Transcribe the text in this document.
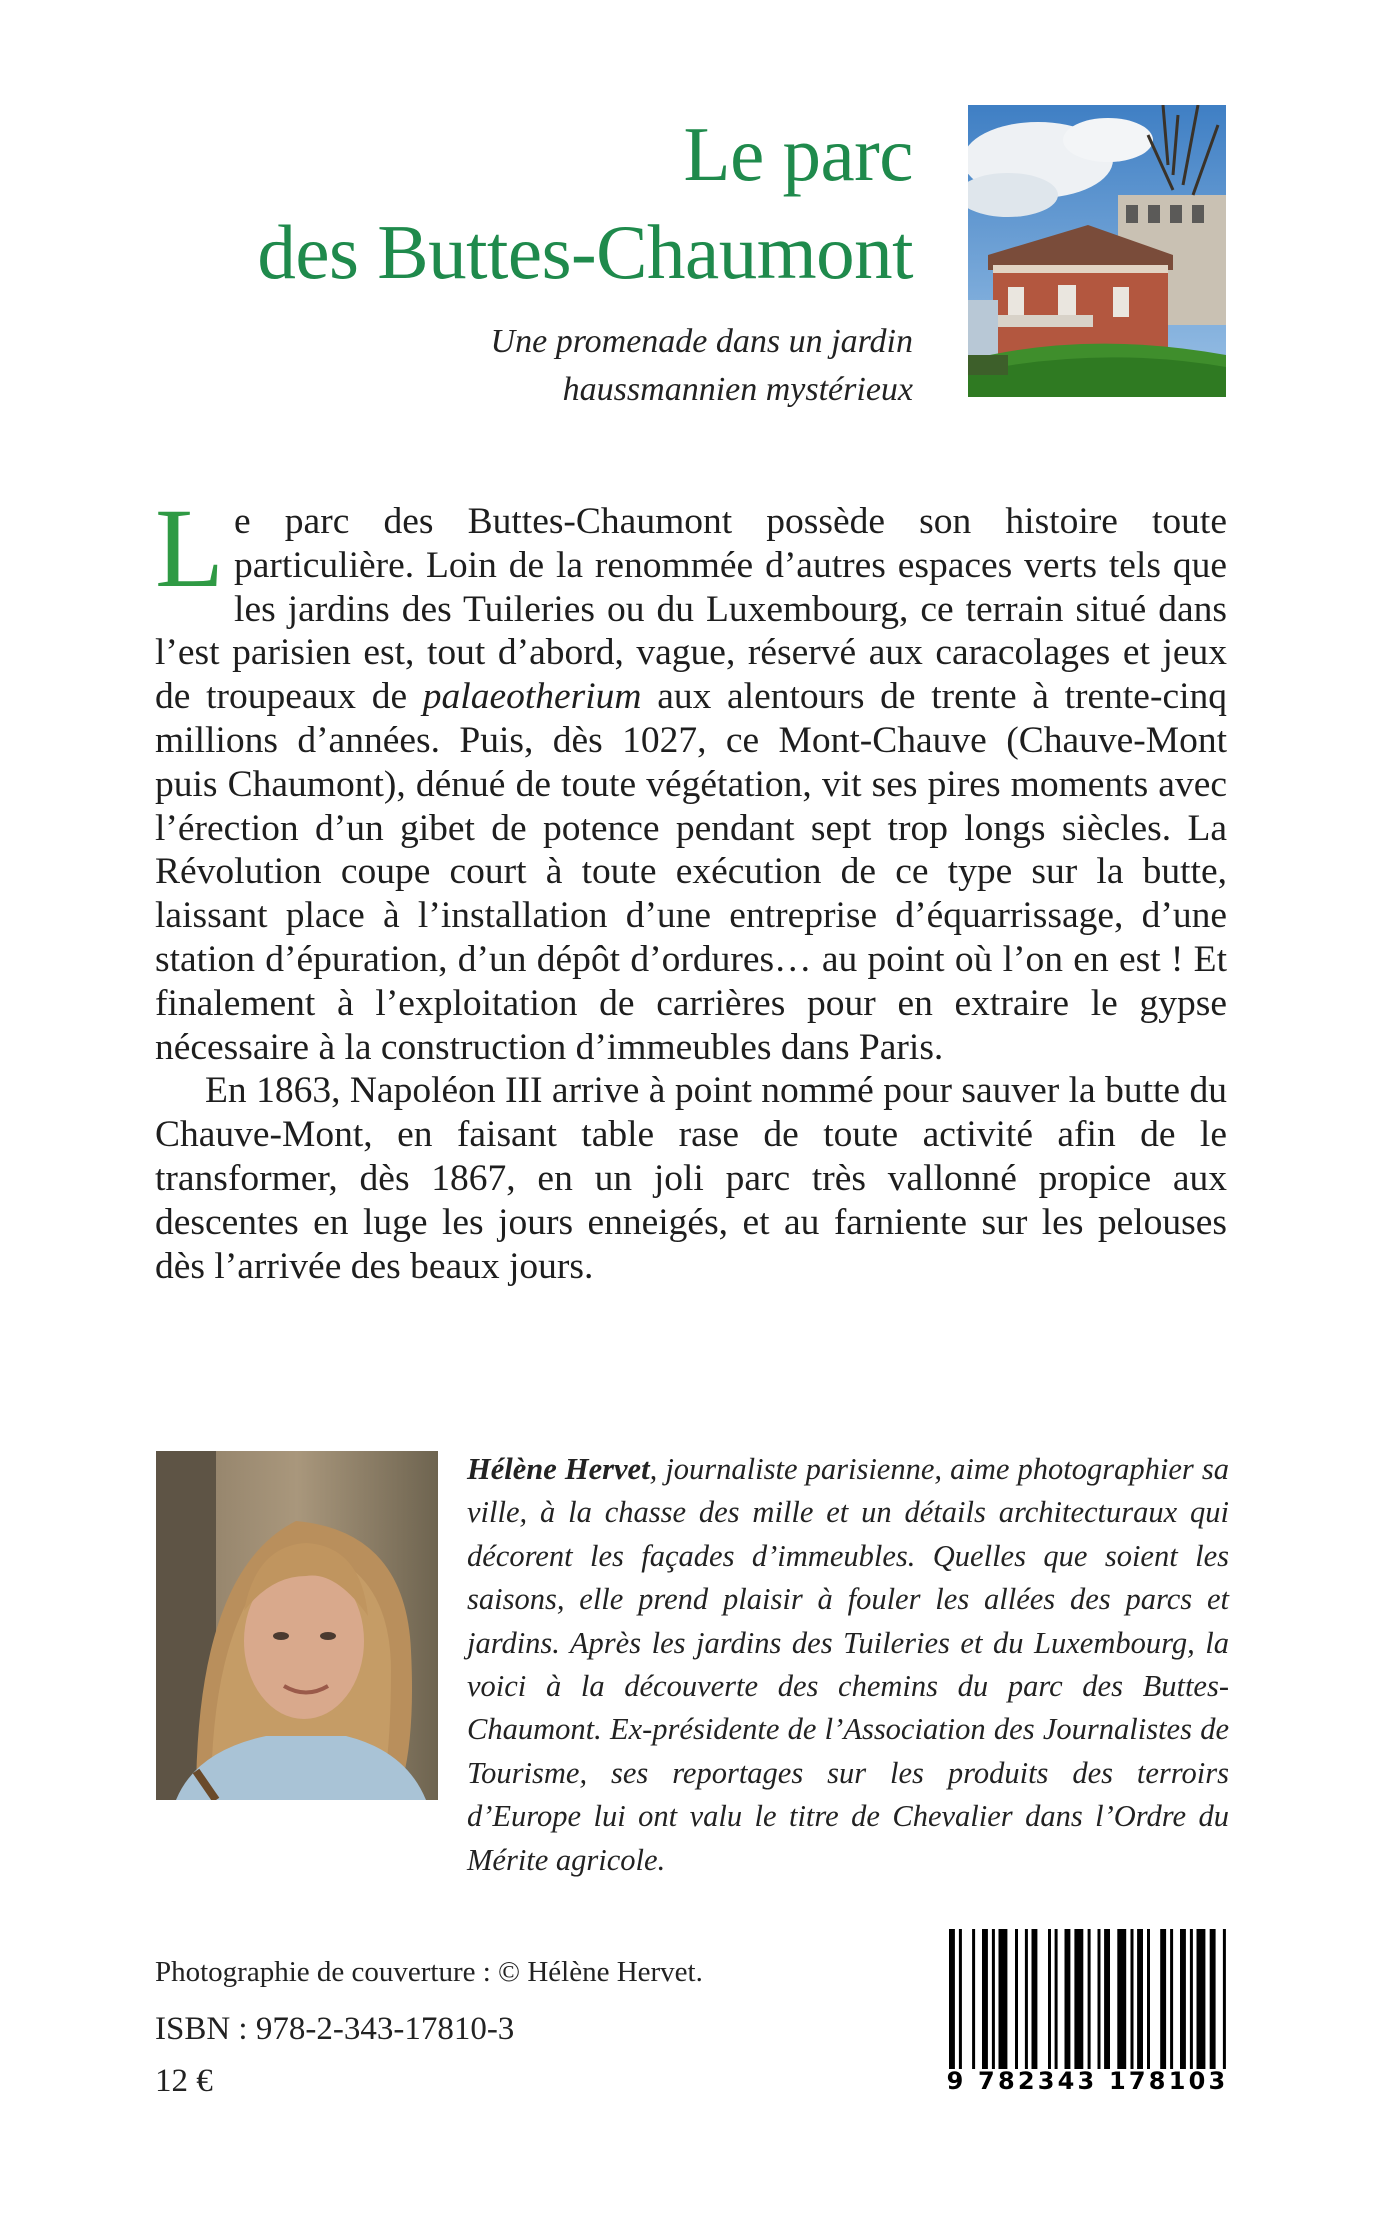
Le parc
des Buttes-Chaumont
Une promenade dans un jardin
haussmannien mystérieux

Le parc des Buttes-Chaumont possède son histoire toute particulière. Loin de la renommée d’autres espaces verts tels que les jardins des Tuileries ou du Luxembourg, ce terrain situé dans l’est parisien est, tout d’abord, vague, réservé aux caracolages et jeux de troupeaux de palaeotherium aux alentours de trente à trente-cinq millions d’années. Puis, dès 1027, ce Mont-Chauve (Chauve-Mont puis Chaumont), dénué de toute végétation, vit ses pires moments avec l’érection d’un gibet de potence pendant sept trop longs siècles. La Révolution coupe court à toute exécution de ce type sur la butte, laissant place à l’installation d’une entreprise d’équarrissage, d’une station d’épuration, d’un dépôt d’ordures… au point où l’on en est ! Et finalement à l’exploitation de carrières pour en extraire le gypse nécessaire à la construction d’immeubles dans Paris.

En 1863, Napoléon III arrive à point nommé pour sauver la butte du Chauve-Mont, en faisant table rase de toute activité afin de le transformer, dès 1867, en un joli parc très vallonné propice aux descentes en luge les jours enneigés, et au farniente sur les pelouses dès l’arrivée des beaux jours.

Hélène Hervet, journaliste parisienne, aime photographier sa ville, à la chasse des mille et un détails architecturaux qui décorent les façades d’immeubles. Quelles que soient les saisons, elle prend plaisir à fouler les allées des parcs et jardins. Après les jardins des Tuileries et du Luxembourg, la voici à la découverte des chemins du parc des Buttes-Chaumont. Ex-présidente de l’Association des Journalistes de Tourisme, ses reportages sur les produits des terroirs d’Europe lui ont valu le titre de Chevalier dans l’Ordre du Mérite agricole.
Photographie de couverture : © Hélène Hervet.
ISBN : 978-2-343-17810-3
12 €	9 782343 178103
